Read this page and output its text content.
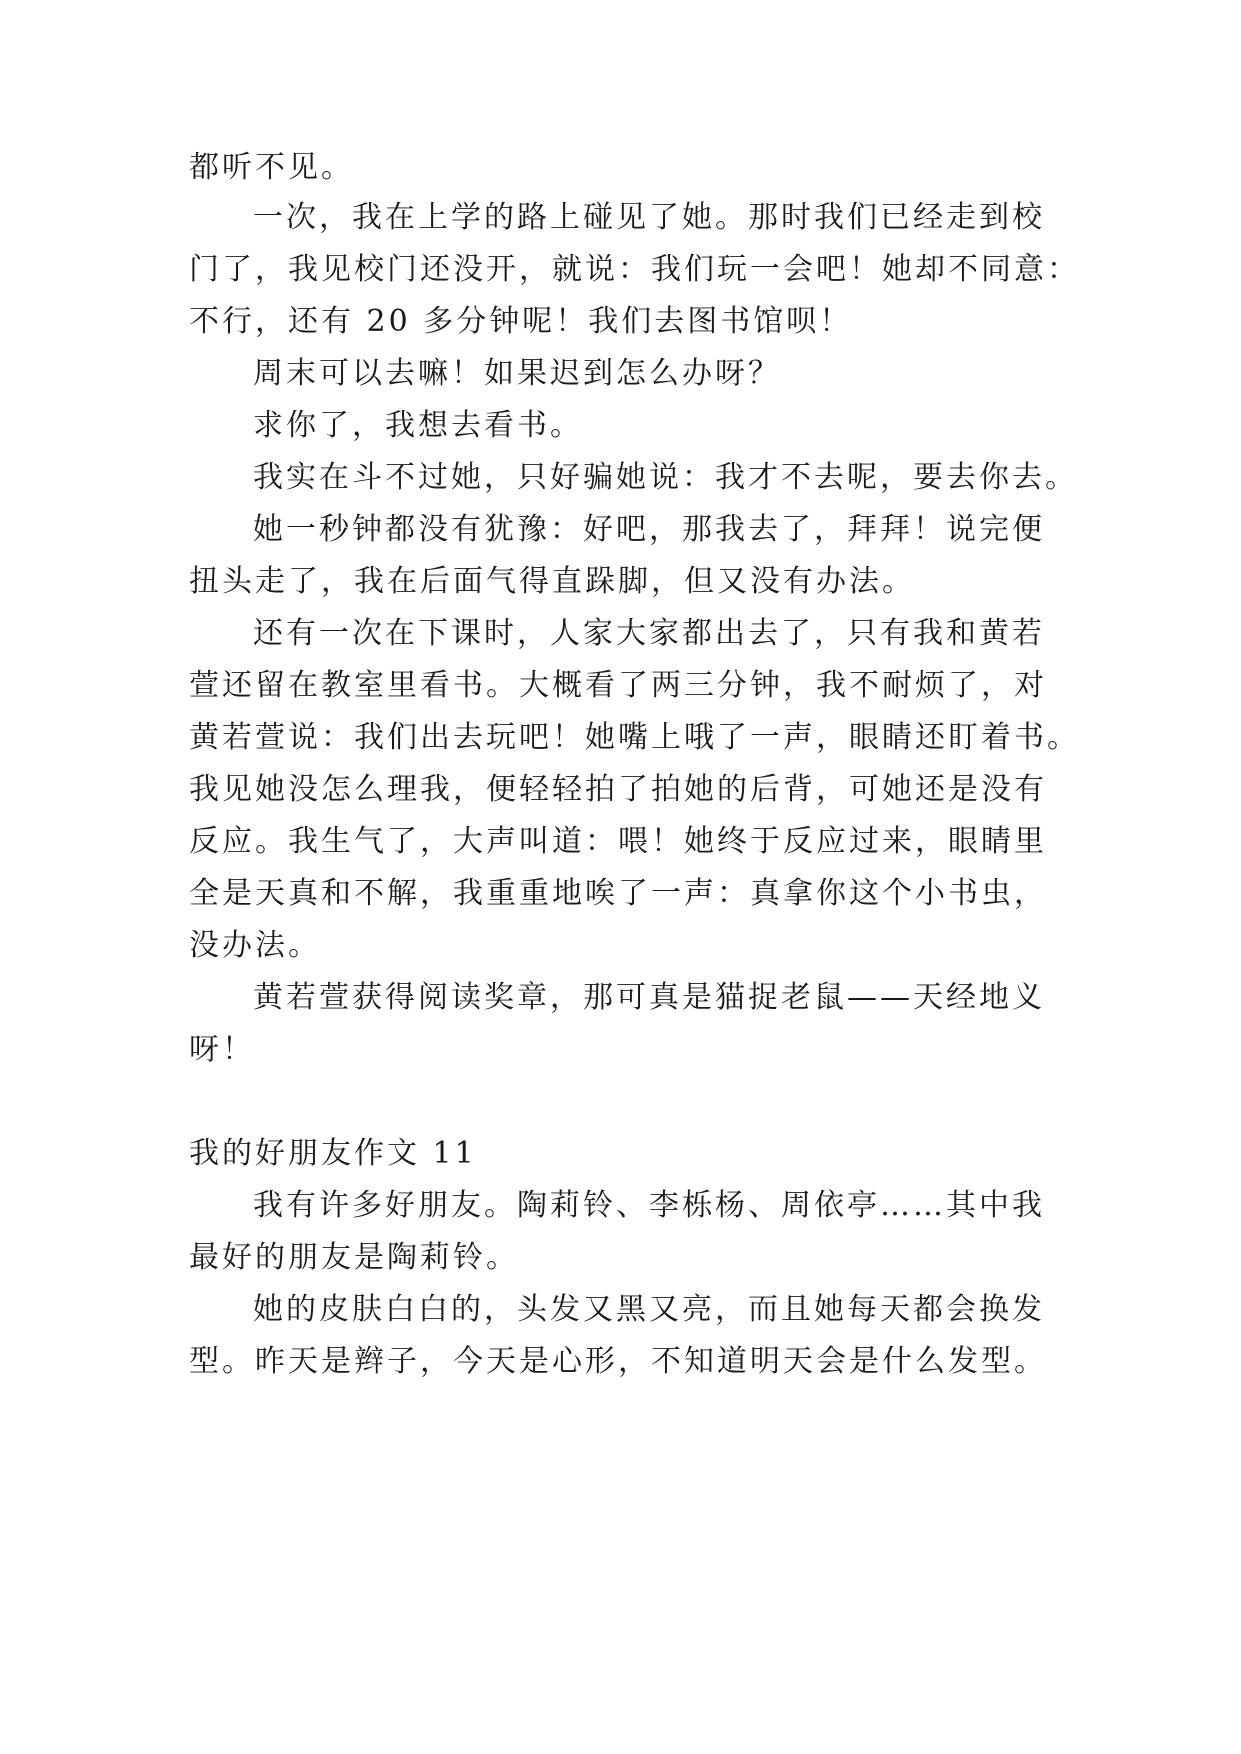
都听不见。
一次，我在上学的路上碰见了她。那时我们已经走到校
门了，我见校门还没开，就说：我们玩一会吧！她却不同意：
不行，还有 20 多分钟呢！我们去图书馆呗！
周末可以去嘛！如果迟到怎么办呀？
求你了，我想去看书。
我实在斗不过她，只好骗她说：我才不去呢，要去你去。
她一秒钟都没有犹豫：好吧，那我去了，拜拜！说完便
扭头走了，我在后面气得直跺脚，但又没有办法。
还有一次在下课时，人家大家都出去了，只有我和黄若
萱还留在教室里看书。大概看了两三分钟，我不耐烦了，对
黄若萱说：我们出去玩吧！她嘴上哦了一声，眼睛还盯着书。
我见她没怎么理我，便轻轻拍了拍她的后背，可她还是没有
反应。我生气了，大声叫道：喂！她终于反应过来，眼睛里
全是天真和不解，我重重地唉了一声：真拿你这个小书虫，
没办法。
黄若萱获得阅读奖章，那可真是猫捉老鼠——天经地义
呀！
我的好朋友作文 11
我有许多好朋友。陶莉铃、李栎杨、周依亭……其中我
最好的朋友是陶莉铃。
她的皮肤白白的，头发又黑又亮，而且她每天都会换发
型。昨天是辫子，今天是心形，不知道明天会是什么发型。
